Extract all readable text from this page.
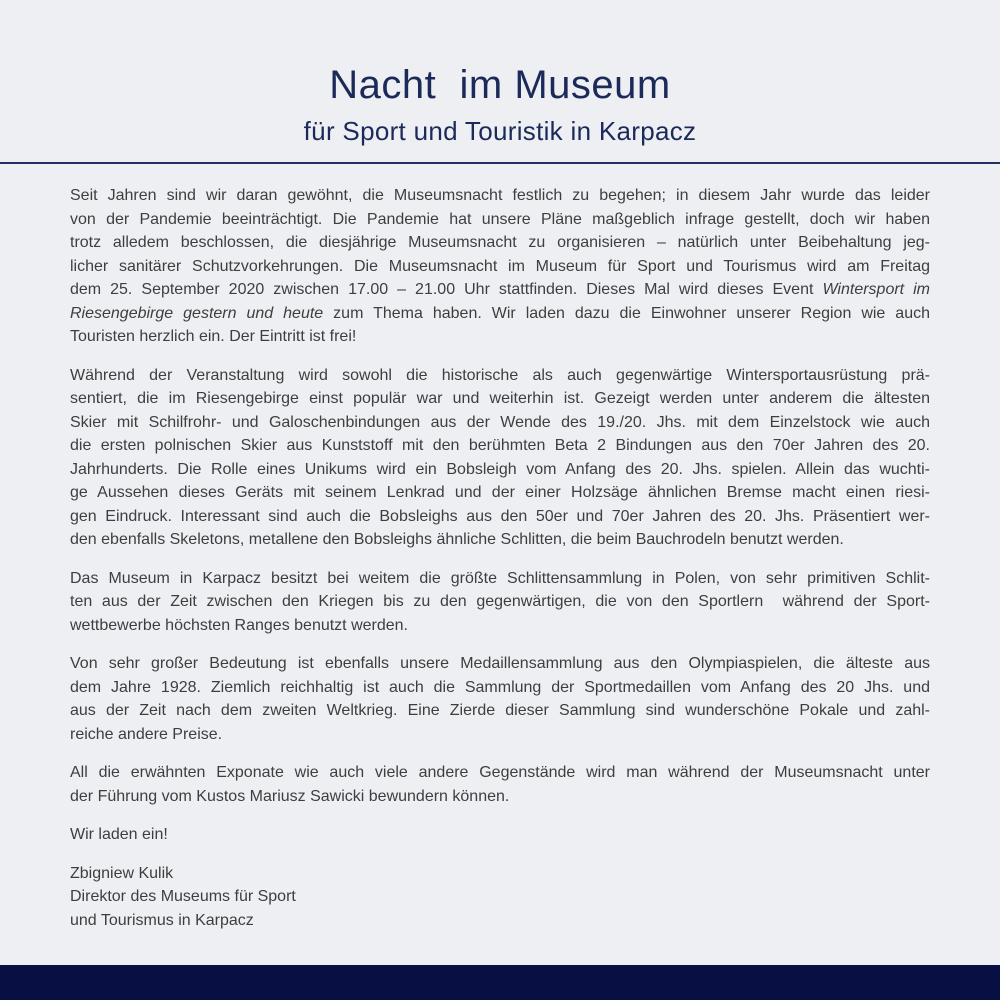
Nacht  im Museum
für Sport und Touristik in Karpacz
Seit Jahren sind wir daran gewöhnt, die Museumsnacht festlich zu begehen; in diesem Jahr wurde das leider
von der Pandemie beeinträchtigt. Die Pandemie hat unsere Pläne maßgeblich infrage gestellt, doch wir haben
trotz alledem beschlossen, die diesjährige Museumsnacht zu organisieren – natürlich unter Beibehaltung jeg-
licher sanitärer Schutzvorkehrungen. Die Museumsnacht im Museum für Sport und Tourismus wird am Freitag
dem 25. September 2020 zwischen 17.00 – 21.00 Uhr stattfinden. Dieses Mal wird dieses Event Wintersport im
Riesengebirge gestern und heute zum Thema haben. Wir laden dazu die Einwohner unserer Region wie auch
Touristen herzlich ein. Der Eintritt ist frei!
Während der Veranstaltung wird sowohl die historische als auch gegenwärtige Wintersportausrüstung prä-
sentiert, die im Riesengebirge einst populär war und weiterhin ist. Gezeigt werden unter anderem die ältesten
Skier mit Schilfrohr- und Galoschenbindungen aus der Wende des 19./20. Jhs. mit dem Einzelstock wie auch
die ersten polnischen Skier aus Kunststoff mit den berühmten Beta 2 Bindungen aus den 70er Jahren des 20.
Jahrhunderts. Die Rolle eines Unikums wird ein Bobsleigh vom Anfang des 20. Jhs. spielen. Allein das wuchti-
ge Aussehen dieses Geräts mit seinem Lenkrad und der einer Holzsäge ähnlichen Bremse macht einen riesi-
gen Eindruck. Interessant sind auch die Bobsleighs aus den 50er und 70er Jahren des 20. Jhs. Präsentiert wer-
den ebenfalls Skeletons, metallene den Bobsleighs ähnliche Schlitten, die beim Bauchrodeln benutzt werden.
Das Museum in Karpacz besitzt bei weitem die größte Schlittensammlung in Polen, von sehr primitiven Schlit-
ten aus der Zeit zwischen den Kriegen bis zu den gegenwärtigen, die von den Sportlern  während der Sport-
wettbewerbe höchsten Ranges benutzt werden.
Von sehr großer Bedeutung ist ebenfalls unsere Medaillensammlung aus den Olympiaspielen, die älteste aus
dem Jahre 1928. Ziemlich reichhaltig ist auch die Sammlung der Sportmedaillen vom Anfang des 20 Jhs. und
aus der Zeit nach dem zweiten Weltkrieg. Eine Zierde dieser Sammlung sind wunderschöne Pokale und zahl-
reiche andere Preise.
All die erwähnten Exponate wie auch viele andere Gegenstände wird man während der Museumsnacht unter
der Führung vom Kustos Mariusz Sawicki bewundern können.
Wir laden ein!
Zbigniew Kulik
Direktor des Museums für Sport
und Tourismus in Karpacz
